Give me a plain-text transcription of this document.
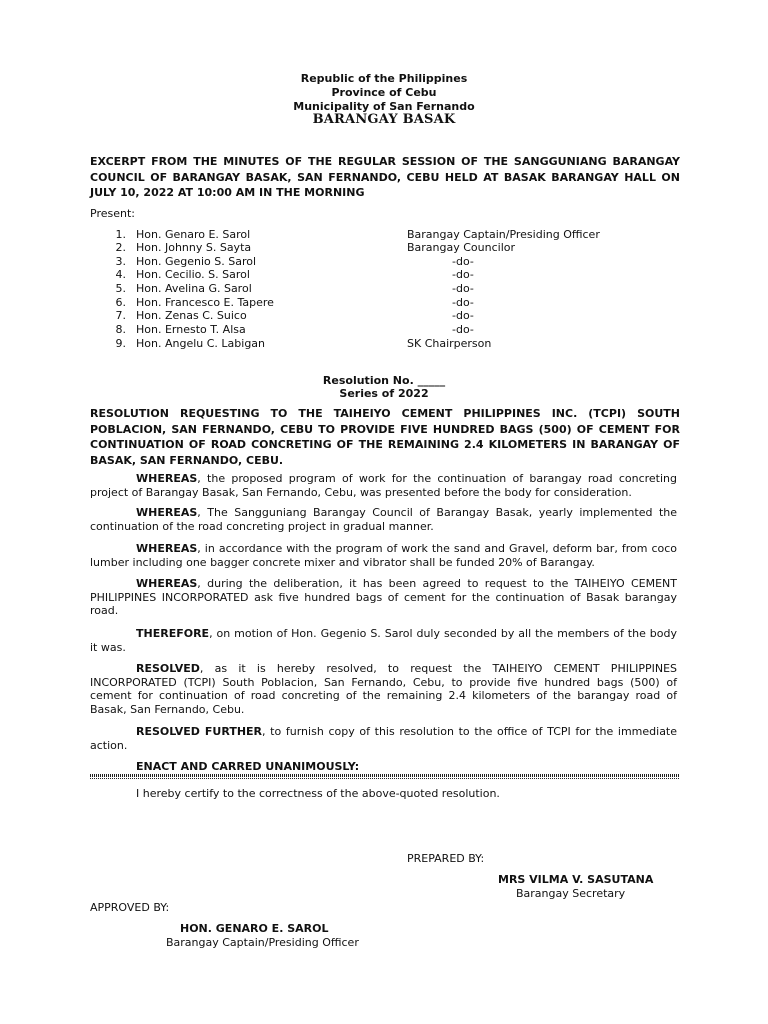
Republic of the Philippines
Province of Cebu
Municipality of San Fernando
BARANGAY BASAK
EXCERPT FROM THE MINUTES OF THE REGULAR SESSION OF THE SANGGUNIANG BARANGAY COUNCIL OF BARANGAY BASAK, SAN FERNANDO, CEBU HELD AT BASAK BARANGAY HALL ON JULY 10, 2022 AT 10:00 AM IN THE MORNING
Present:
1. Hon. Genaro E. Sarol	Barangay Captain/Presiding Officer
2. Hon. Johnny S. Sayta	Barangay Councilor
3. Hon. Gegenio S. Sarol	-do-
4. Hon. Cecilio. S. Sarol	-do-
5. Hon. Avelina G. Sarol	-do-
6. Hon. Francesco E. Tapere	-do-
7. Hon. Zenas C. Suico	-do-
8. Hon. Ernesto T. Alsa	-do-
9. Hon. Angelu C. Labigan	SK Chairperson
Resolution No. _____
Series of 2022
RESOLUTION REQUESTING TO THE TAIHEIYO CEMENT PHILIPPINES INC. (TCPI) SOUTH POBLACION, SAN FERNANDO, CEBU TO PROVIDE FIVE HUNDRED BAGS (500) OF CEMENT FOR CONTINUATION OF ROAD CONCRETING OF THE REMAINING 2.4 KILOMETERS IN BARANGAY OF BASAK, SAN FERNANDO, CEBU.
WHEREAS, the proposed program of work for the continuation of barangay road concreting project of Barangay Basak, San Fernando, Cebu, was presented before the body for consideration.
WHEREAS, The Sangguniang Barangay Council of Barangay Basak, yearly implemented the continuation of the road concreting project in gradual manner.
WHEREAS, in accordance with the program of work the sand and Gravel, deform bar, from coco lumber including one bagger concrete mixer and vibrator shall be funded 20% of Barangay.
WHEREAS, during the deliberation, it has been agreed to request to the TAIHEIYO CEMENT PHILIPPINES INCORPORATED ask five hundred bags of cement for the continuation of Basak barangay road.
THEREFORE, on motion of Hon. Gegenio S. Sarol duly seconded by all the members of the body it was.
RESOLVED, as it is hereby resolved, to request the TAIHEIYO CEMENT PHILIPPINES INCORPORATED (TCPI) South Poblacion, San Fernando, Cebu, to provide five hundred bags (500) of cement for continuation of road concreting of the remaining 2.4 kilometers of the barangay road of Basak, San Fernando, Cebu.
RESOLVED FURTHER, to furnish copy of this resolution to the office of TCPI for the immediate action.
ENACT AND CARRED UNANIMOUSLY:
I hereby certify to the correctness of the above-quoted resolution.
PREPARED BY:
MRS VILMA V. SASUTANA
Barangay Secretary
APPROVED BY:
HON. GENARO E. SAROL
Barangay Captain/Presiding Officer
